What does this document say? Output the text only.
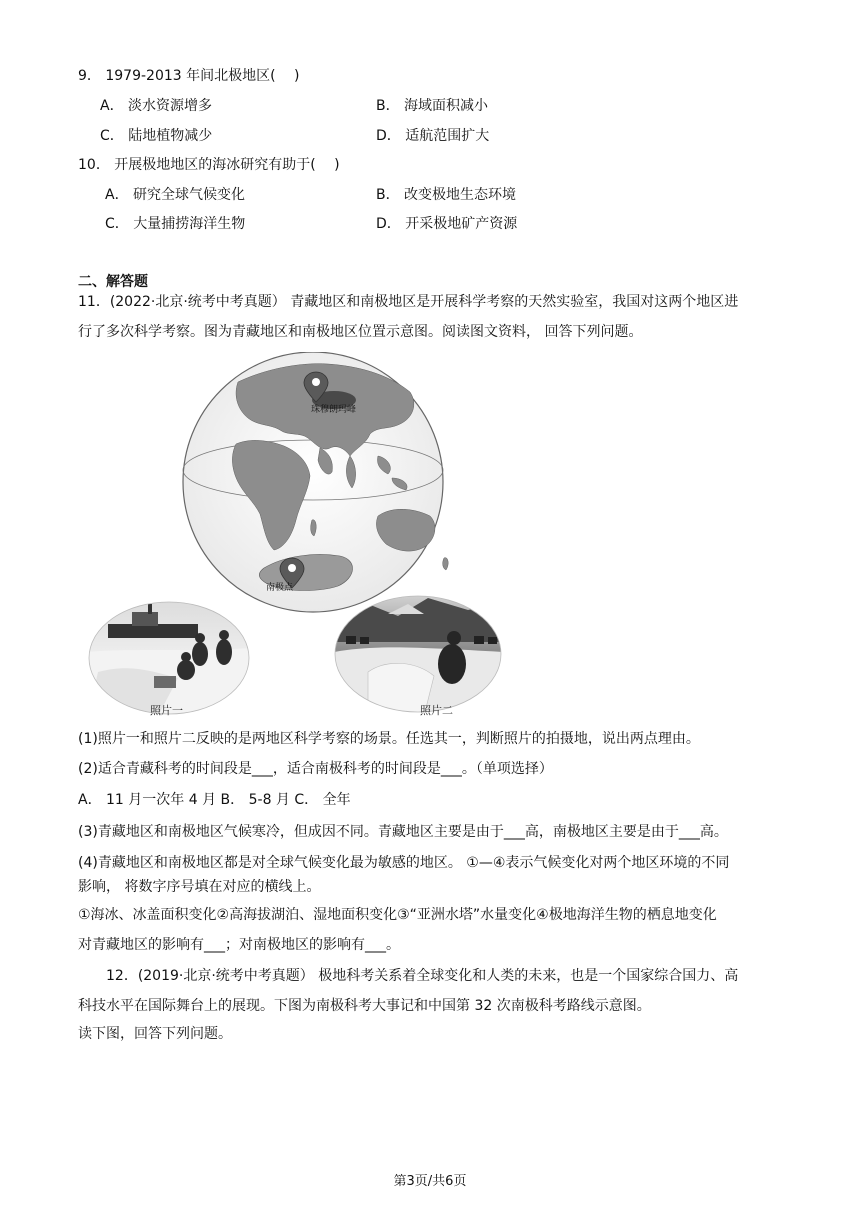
9． 1979-2013 年间北极地区(　 )
A． 淡水资源增多	B． 海域面积减小
C． 陆地植物减少	D． 适航范围扩大
10． 开展极地地区的海冰研究有助于(　 )
A． 研究全球气候变化	B． 改变极地生态环境
C． 大量捕捞海洋生物	D． 开采极地矿产资源
二、解答题
11．(2022·北京·统考中考真题） 青藏地区和南极地区是开展科学考察的天然实验室，我国对这两个地区进
行了多次科学考察。图为青藏地区和南极地区位置示意图。阅读图文资料， 回答下列问题。
珠穆朗玛峰
南极点
照片一	照片二
(1)照片一和照片二反映的是两地区科学考察的场景。任选其一，判断照片的拍摄地，说出两点理由。
(2)适合青藏科考的时间段是___，适合南极科考的时间段是___。（单项选择）
A． 11 月一次年 4 月 B． 5-8 月 C． 全年
(3)青藏地区和南极地区气候寒冷，但成因不同。青藏地区主要是由于___高，南极地区主要是由于___高。
(4)青藏地区和南极地区都是对全球气候变化最为敏感的地区。 ①—④表示气候变化对两个地区环境的不同
影响， 将数字序号填在对应的横线上。
①海冰、冰盖面积变化②高海拔湖泊、湿地面积变化③“亚洲水塔”水量变化④极地海洋生物的栖息地变化
对青藏地区的影响有___；对南极地区的影响有___。
12．(2019·北京·统考中考真题） 极地科考关系着全球变化和人类的未来，也是一个国家综合国力、高
科技水平在国际舞台上的展现。下图为南极科考大事记和中国第 32 次南极科考路线示意图。
读下图，回答下列问题。
第3页/共6页
